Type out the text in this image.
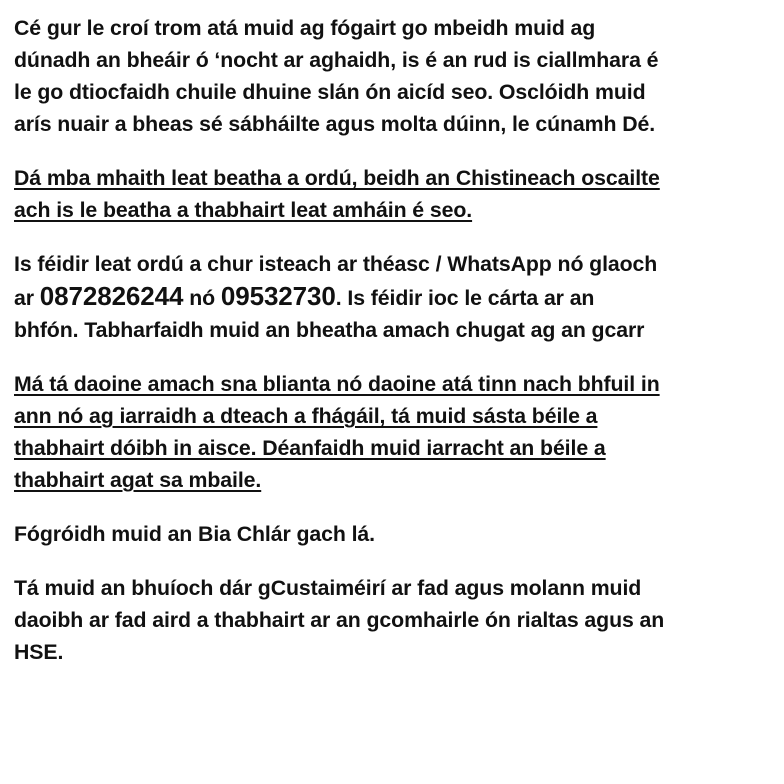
Cé gur le croí trom atá muid ag fógairt go mbeidh muid ag
dúnadh an bheáir ó ‘nocht ar aghaidh, is é an rud is ciallmhara é
le go dtiocfaidh chuile dhuine slán ón aicíd seo. Osclóidh muid
arís nuair a bheas sé sábháilte agus molta dúinn, le cúnamh Dé.

Dá mba mhaith leat beatha a ordú, beidh an Chistineach oscailte
ach is le beatha a thabhairt leat amháin é seo.

Is féidir leat ordú a chur isteach ar théasc / WhatsApp nó glaoch
ar 0872826244 nó 09532730. Is féidir ioc le cárta ar an
bhfón. Tabharfaidh muid an bheatha amach chugat ag an gcarr

Má tá daoine amach sna blianta nó daoine atá tinn nach bhfuil in
ann nó ag iarraidh a dteach a fhágáil, tá muid sásta béile a
thabhairt dóibh in aisce. Déanfaidh muid iarracht an béile a
thabhairt agat sa mbaile.

Fógróidh muid an Bia Chlár gach lá.

Tá muid an bhuíoch dár gCustaiméirí ar fad agus molann muid
daoibh ar fad aird a thabhairt ar an gcomhairle ón rialtas agus an
HSE.
